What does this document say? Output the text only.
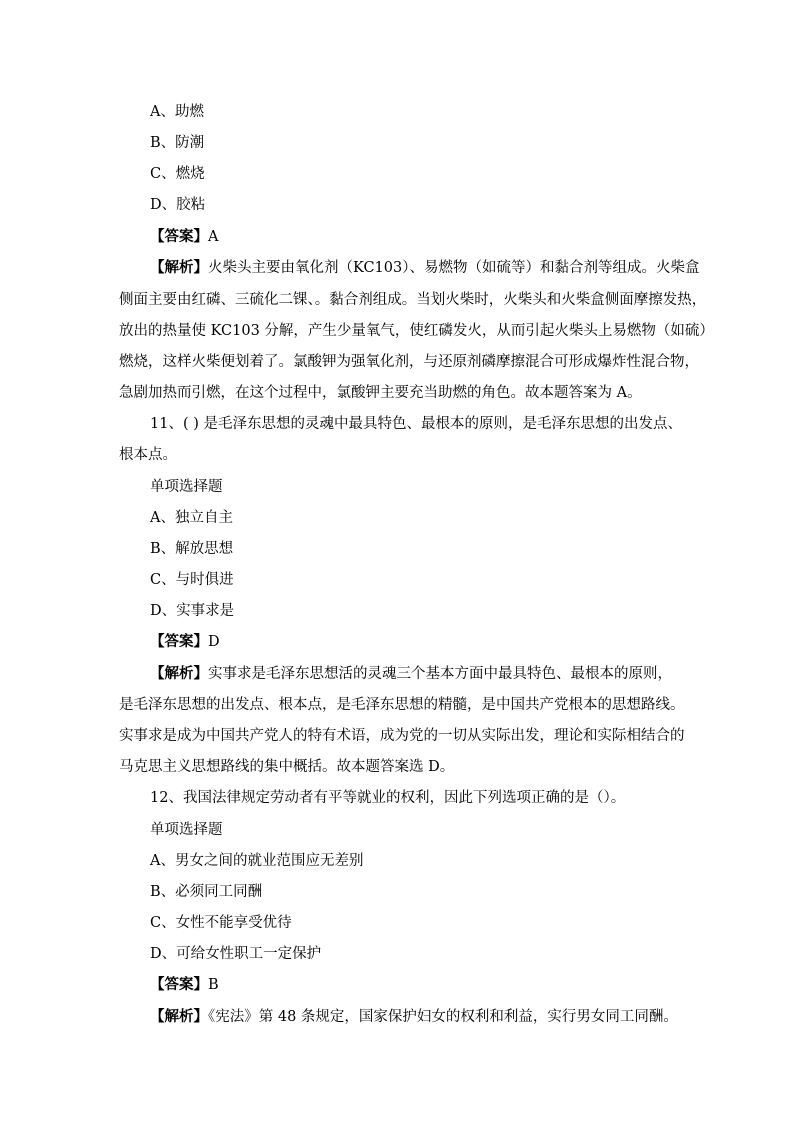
A、助燃
B、防潮
C、燃烧
D、胶粘
【答案】A
【解析】火柴头主要由氧化剂（KC103）、易燃物（如硫等）和黏合剂等组成。火柴盒
侧面主要由红磷、三硫化二锞、。黏合剂组成。当划火柴时，火柴头和火柴盒侧面摩擦发热，
放出的热量使 KC103 分解，产生少量氧气，使红磷发火，从而引起火柴头上易燃物（如硫）
燃烧，这样火柴便划着了。氯酸钾为强氧化剂，与还原剂磷摩擦混合可形成爆炸性混合物，
急剧加热而引燃，在这个过程中，氯酸钾主要充当助燃的角色。故本题答案为 A。
11、( ) 是毛泽东思想的灵魂中最具特色、最根本的原则，是毛泽东思想的出发点、
根本点。
单项选择题
A、独立自主
B、解放思想
C、与时俱进
D、实事求是
【答案】D
【解析】实事求是毛泽东思想活的灵魂三个基本方面中最具特色、最根本的原则，
是毛泽东思想的出发点、根本点，是毛泽东思想的精髓，是中国共产党根本的思想路线。
实事求是成为中国共产党人的特有术语，成为党的一切从实际出发，理论和实际相结合的
马克思主义思想路线的集中概括。故本题答案选 D。
12、我国法律规定劳动者有平等就业的权利，因此下列选项正确的是（）。
单项选择题
A、男女之间的就业范围应无差别
B、必须同工同酬
C、女性不能享受优待
D、可给女性职工一定保护
【答案】B
【解析】《宪法》第 48 条规定，国家保护妇女的权利和利益，实行男女同工同酬。
